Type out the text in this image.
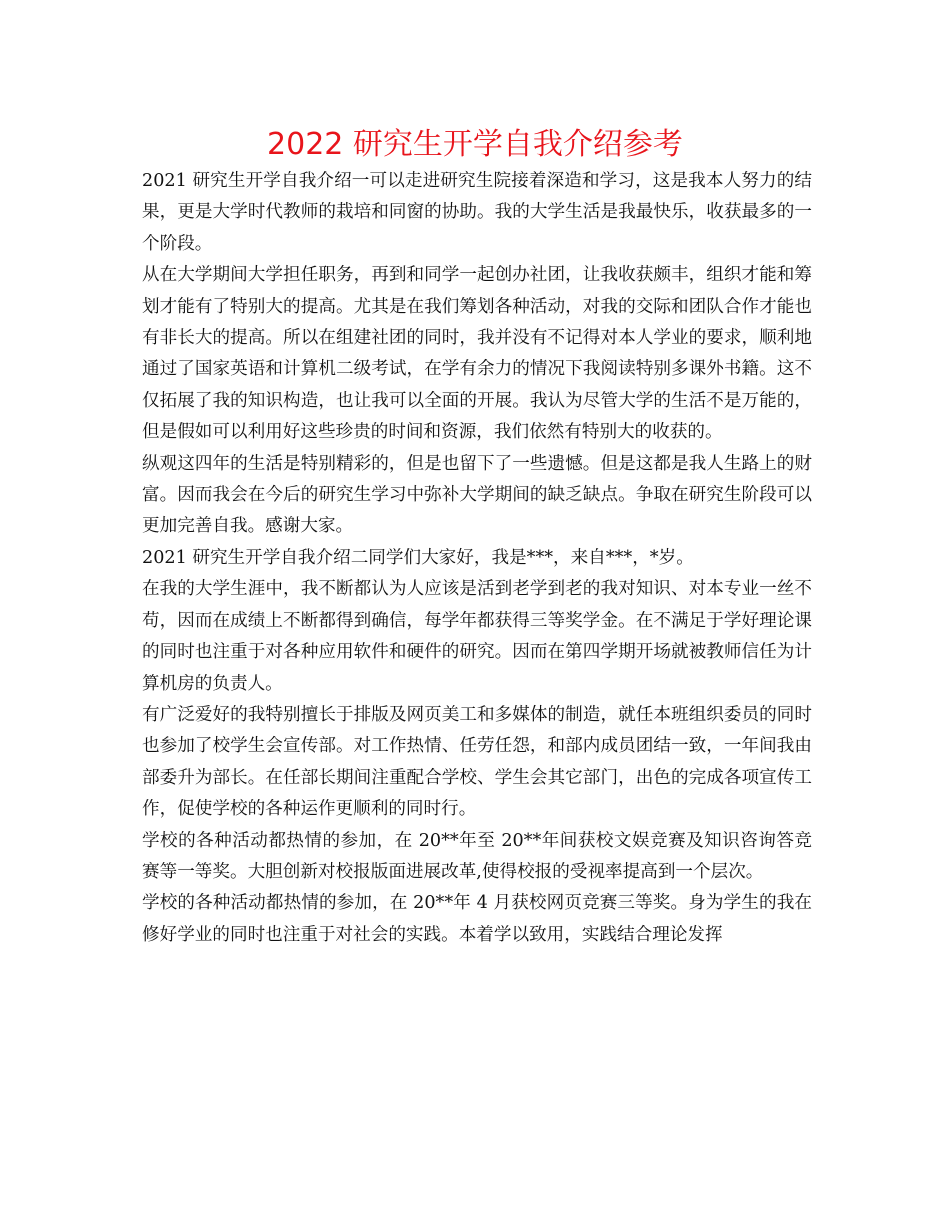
2022 研究生开学自我介绍参考

2021 研究生开学自我介绍一可以走进研究生院接着深造和学习，这是我本人努力的结果，更是大学时代教师的栽培和同窗的协助。我的大学生活是我最快乐，收获最多的一个阶段。

从在大学期间大学担任职务，再到和同学一起创办社团，让我收获颇丰，组织才能和筹划才能有了特别大的提高。尤其是在我们筹划各种活动，对我的交际和团队合作才能也有非长大的提高。所以在组建社团的同时，我并没有不记得对本人学业的要求，顺利地通过了国家英语和计算机二级考试，在学有余力的情况下我阅读特别多课外书籍。这不仅拓展了我的知识构造，也让我可以全面的开展。我认为尽管大学的生活不是万能的，但是假如可以利用好这些珍贵的时间和资源，我们依然有特别大的收获的。

纵观这四年的生活是特别精彩的，但是也留下了一些遗憾。但是这都是我人生路上的财富。因而我会在今后的研究生学习中弥补大学期间的缺乏缺点。争取在研究生阶段可以更加完善自我。感谢大家。

2021 研究生开学自我介绍二同学们大家好，我是***，来自***，*岁。

在我的大学生涯中，我不断都认为人应该是活到老学到老的我对知识、对本专业一丝不苟，因而在成绩上不断都得到确信，每学年都获得三等奖学金。在不满足于学好理论课的同时也注重于对各种应用软件和硬件的研究。因而在第四学期开场就被教师信任为计算机房的负责人。

有广泛爱好的我特别擅长于排版及网页美工和多媒体的制造，就任本班组织委员的同时也参加了校学生会宣传部。对工作热情、任劳任怨，和部内成员团结一致，一年间我由部委升为部长。在任部长期间注重配合学校、学生会其它部门，出色的完成各项宣传工作，促使学校的各种运作更顺利的同时行。

学校的各种活动都热情的参加，在 20**年至 20**年间获校文娱竞赛及知识咨询答竞赛等一等奖。大胆创新对校报版面进展改革,使得校报的受视率提高到一个层次。

学校的各种活动都热情的参加，在 20**年 4 月获校网页竞赛三等奖。身为学生的我在修好学业的同时也注重于对社会的实践。本着学以致用，实践结合理论发挥
